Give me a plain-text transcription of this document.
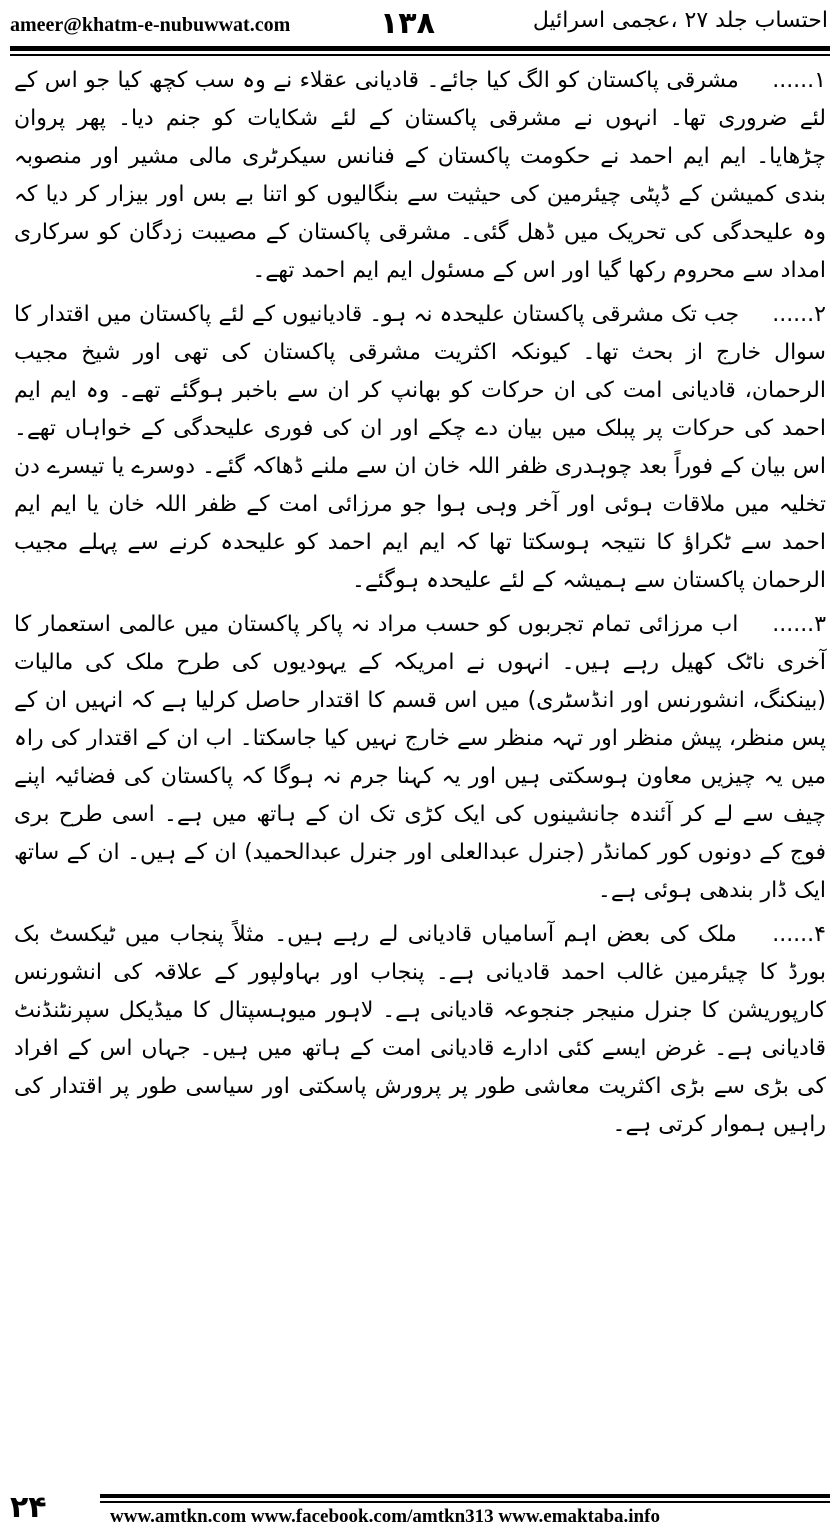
ameer@khatm-e-nubuwwat.com	۱۳۸	احتساب جلد ۲۷ ،عجمی اسرائیل

۱...... مشرقی پاکستان کو الگ کیا جائے۔ قادیانی عقلاء نے وہ سب کچھ کیا جو اس کے لئے ضروری تھا۔ انہوں نے مشرقی پاکستان کے لئے شکایات کو جنم دیا۔ پھر پروان چڑھایا۔ ایم ایم احمد نے حکومت پاکستان کے فنانس سیکرٹری مالی مشیر اور منصوبہ بندی کمیشن کے ڈپٹی چیئرمین کی حیثیت سے بنگالیوں کو اتنا بے بس اور بیزار کر دیا کہ وہ علیحدگی کی تحریک میں ڈھل گئی۔ مشرقی پاکستان کے مصیبت زدگان کو سرکاری امداد سے محروم رکھا گیا اور اس کے مسئول ایم ایم احمد تھے۔

۲...... جب تک مشرقی پاکستان علیحدہ نہ ہو۔ قادیانیوں کے لئے پاکستان میں اقتدار کا سوال خارج از بحث تھا۔ کیونکہ اکثریت مشرقی پاکستان کی تھی اور شیخ مجیب الرحمان، قادیانی امت کی ان حرکات کو بھانپ کر ان سے باخبر ہوگئے تھے۔ وہ ایم ایم احمد کی حرکات پر پبلک میں بیان دے چکے اور ان کی فوری علیحدگی کے خواہاں تھے۔ اس بیان کے فوراً بعد چوہدری ظفر اللہ خان ان سے ملنے ڈھاکہ گئے۔ دوسرے یا تیسرے دن تخلیہ میں ملاقات ہوئی اور آخر وہی ہوا جو مرزائی امت کے ظفر اللہ خان یا ایم ایم احمد سے ٹکراؤ کا نتیجہ ہوسکتا تھا کہ ایم ایم احمد کو علیحدہ کرنے سے پہلے مجیب الرحمان پاکستان سے ہمیشہ کے لئے علیحدہ ہوگئے۔

۳...... اب مرزائی تمام تجربوں کو حسب مراد نہ پاکر پاکستان میں عالمی استعمار کا آخری ناٹک کھیل رہے ہیں۔ انہوں نے امریکہ کے یہودیوں کی طرح ملک کی مالیات (بینکنگ، انشورنس اور انڈسٹری) میں اس قسم کا اقتدار حاصل کرلیا ہے کہ انہیں ان کے پس منظر، پیش منظر اور تہہ منظر سے خارج نہیں کیا جاسکتا۔ اب ان کے اقتدار کی راہ میں یہ چیزیں معاون ہوسکتی ہیں اور یہ کہنا جرم نہ ہوگا کہ پاکستان کی فضائیہ اپنے چیف سے لے کر آئندہ جانشینوں کی ایک کڑی تک ان کے ہاتھ میں ہے۔ اسی طرح بری فوج کے دونوں کور کمانڈر (جنرل عبدالعلی اور جنرل عبدالحمید) ان کے ہیں۔ ان کے ساتھ ایک ڈار بندھی ہوئی ہے۔

۴...... ملک کی بعض اہم آسامیاں قادیانی لے رہے ہیں۔ مثلاً پنجاب میں ٹیکسٹ بک بورڈ کا چیئرمین غالب احمد قادیانی ہے۔ پنجاب اور بہاولپور کے علاقہ کی انشورنس کارپوریشن کا جنرل منیجر جنجوعہ قادیانی ہے۔ لاہور میوہسپتال کا میڈیکل سپرنٹنڈنٹ قادیانی ہے۔ غرض ایسے کئی ادارے قادیانی امت کے ہاتھ میں ہیں۔ جہاں اس کے افراد کی بڑی سے بڑی اکثریت معاشی طور پر پرورش پاسکتی اور سیاسی طور پر اقتدار کی راہیں ہموار کرتی ہے۔

۲۴	www.amtkn.com www.facebook.com/amtkn313 www.emaktaba.info
